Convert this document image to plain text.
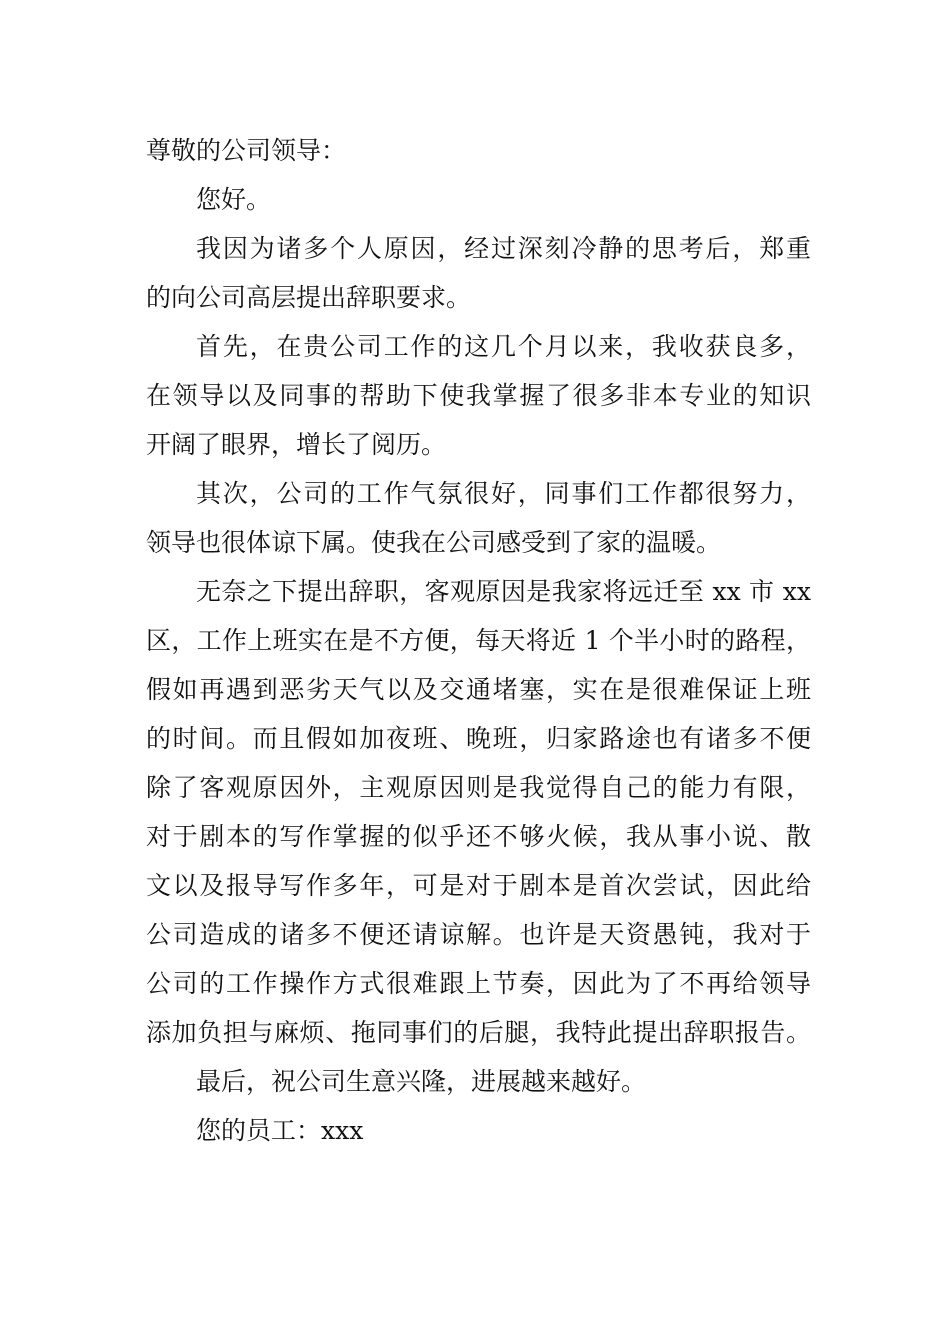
尊敬的公司领导：
您好。
我因为诸多个人原因，经过深刻冷静的思考后，郑重
的向公司高层提出辞职要求。
首先，在贵公司工作的这几个月以来，我收获良多，
在领导以及同事的帮助下使我掌握了很多非本专业的知识
开阔了眼界，增长了阅历。
其次，公司的工作气氛很好，同事们工作都很努力，
领导也很体谅下属。使我在公司感受到了家的温暖。
无奈之下提出辞职，客观原因是我家将远迁至 xx 市 xx
区，工作上班实在是不方便，每天将近 1 个半小时的路程，
假如再遇到恶劣天气以及交通堵塞，实在是很难保证上班
的时间。而且假如加夜班、晚班，归家路途也有诸多不便
除了客观原因外，主观原因则是我觉得自己的能力有限，
对于剧本的写作掌握的似乎还不够火候，我从事小说、散
文以及报导写作多年，可是对于剧本是首次尝试，因此给
公司造成的诸多不便还请谅解。也许是天资愚钝，我对于
公司的工作操作方式很难跟上节奏，因此为了不再给领导
添加负担与麻烦、拖同事们的后腿，我特此提出辞职报告。
最后，祝公司生意兴隆，进展越来越好。
您的员工：xxx
